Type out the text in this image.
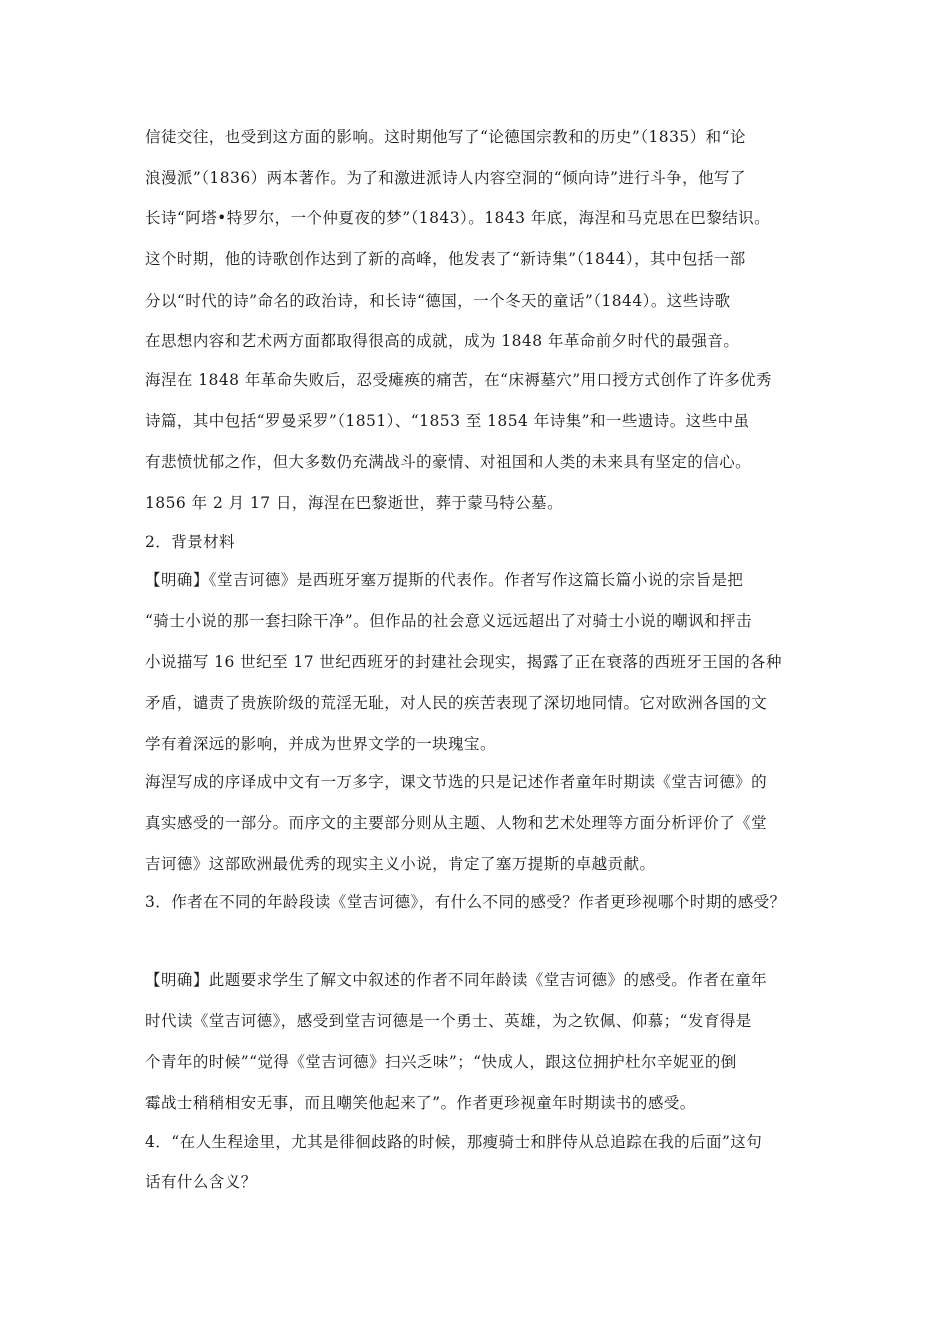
信徒交往，也受到这方面的影响。这时期他写了“论德国宗教和的历史”（1835）和“论

浪漫派”（1836）两本著作。为了和激进派诗人内容空洞的“倾向诗”进行斗争，他写了

长诗“阿塔•特罗尔，一个仲夏夜的梦”（1843）。1843 年底，海涅和马克思在巴黎结识。

这个时期，他的诗歌创作达到了新的高峰，他发表了“新诗集”（1844），其中包括一部

分以“时代的诗”命名的政治诗，和长诗“德国，一个冬天的童话”（1844）。这些诗歌

在思想内容和艺术两方面都取得很高的成就，成为 1848 年革命前夕时代的最强音。

海涅在 1848 年革命失败后，忍受瘫痪的痛苦，在“床褥墓穴”用口授方式创作了许多优秀

诗篇，其中包括“罗曼采罗”（1851）、“1853 至 1854 年诗集”和一些遗诗。这些中虽

有悲愤忧郁之作，但大多数仍充满战斗的豪情、对祖国和人类的未来具有坚定的信心。

1856 年 2 月 17 日，海涅在巴黎逝世，葬于蒙马特公墓。

2．背景材料

【明确】《堂吉诃德》是西班牙塞万提斯的代表作。作者写作这篇长篇小说的宗旨是把

“骑士小说的那一套扫除干净”。但作品的社会意义远远超出了对骑士小说的嘲讽和抨击

小说描写 16 世纪至 17 世纪西班牙的封建社会现实，揭露了正在衰落的西班牙王国的各种

矛盾，谴责了贵族阶级的荒淫无耻，对人民的疾苦表现了深切地同情。它对欧洲各国的文

学有着深远的影响，并成为世界文学的一块瑰宝。

海涅写成的序译成中文有一万多字，课文节选的只是记述作者童年时期读《堂吉诃德》的

真实感受的一部分。而序文的主要部分则从主题、人物和艺术处理等方面分析评价了《堂

吉诃德》这部欧洲最优秀的现实主义小说，肯定了塞万提斯的卓越贡献。

3．作者在不同的年龄段读《堂吉诃德》，有什么不同的感受？作者更珍视哪个时期的感受？

【明确】此题要求学生了解文中叙述的作者不同年龄读《堂吉诃德》的感受。作者在童年

时代读《堂吉诃德》，感受到堂吉诃德是一个勇士、英雄，为之钦佩、仰慕；“发育得是

个青年的时候”“觉得《堂吉诃德》扫兴乏味”；“快成人，跟这位拥护杜尔辛妮亚的倒

霉战士稍稍相安无事，而且嘲笑他起来了”。作者更珍视童年时期读书的感受。

4．“在人生程途里，尤其是徘徊歧路的时候，那瘦骑士和胖侍从总追踪在我的后面”这句

话有什么含义？
